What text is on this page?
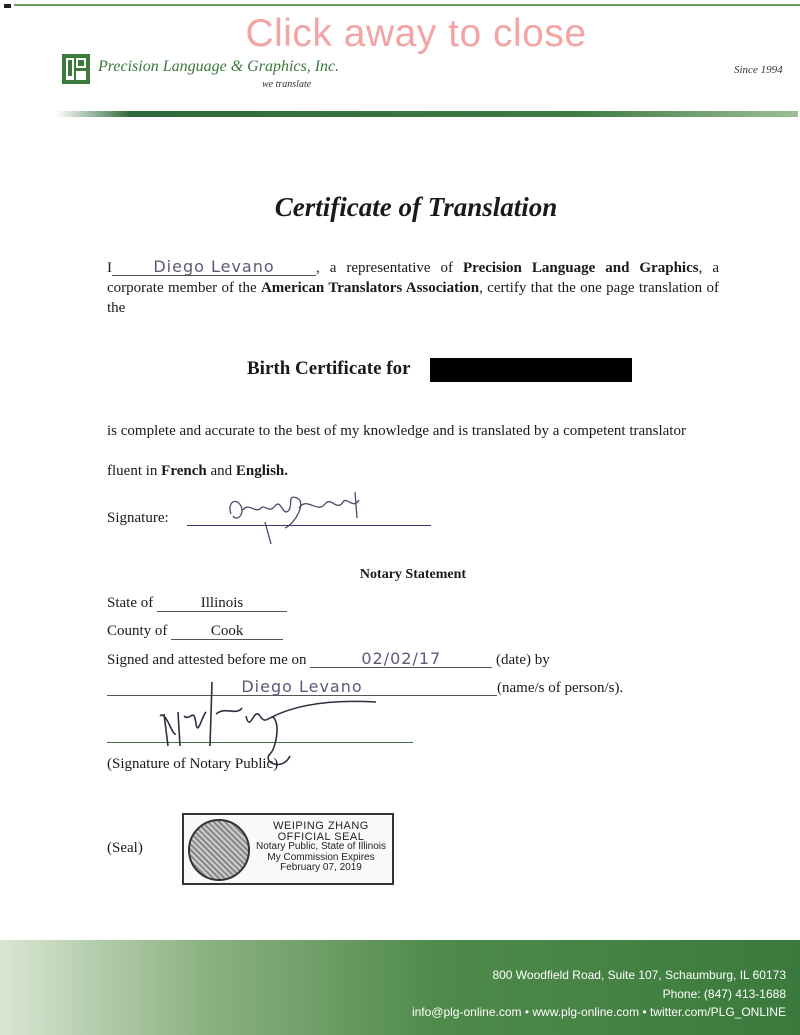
Precision Language & Graphics, Inc.
we translate
Since 1994
Certificate of Translation
I	Diego Levano	, a representative of Precision Language and Graphics, a corporate member of the American Translators Association, certify that the one page translation of the
Birth Certificate for
is complete and accurate to the best of my knowledge and is translated by a competent translator
fluent in French and English.
Signature:
Notary Statement
State of	Illinois
County of	Cook
Signed and attested before me on	02/02/17	(date) by
Diego Levano	(name/s of person/s).
(Signature of Notary Public)
(Seal)
WEIPING ZHANG
OFFICIAL SEAL
Notary Public, State of Illinois
My Commission Expires
February 07, 2019
800 Woodfield Road, Suite 107, Schaumburg, IL 60173
Phone: (847) 413-1688
info@plg-online.com • www.plg-online.com • twitter.com/PLG_ONLINE
Click away to close
